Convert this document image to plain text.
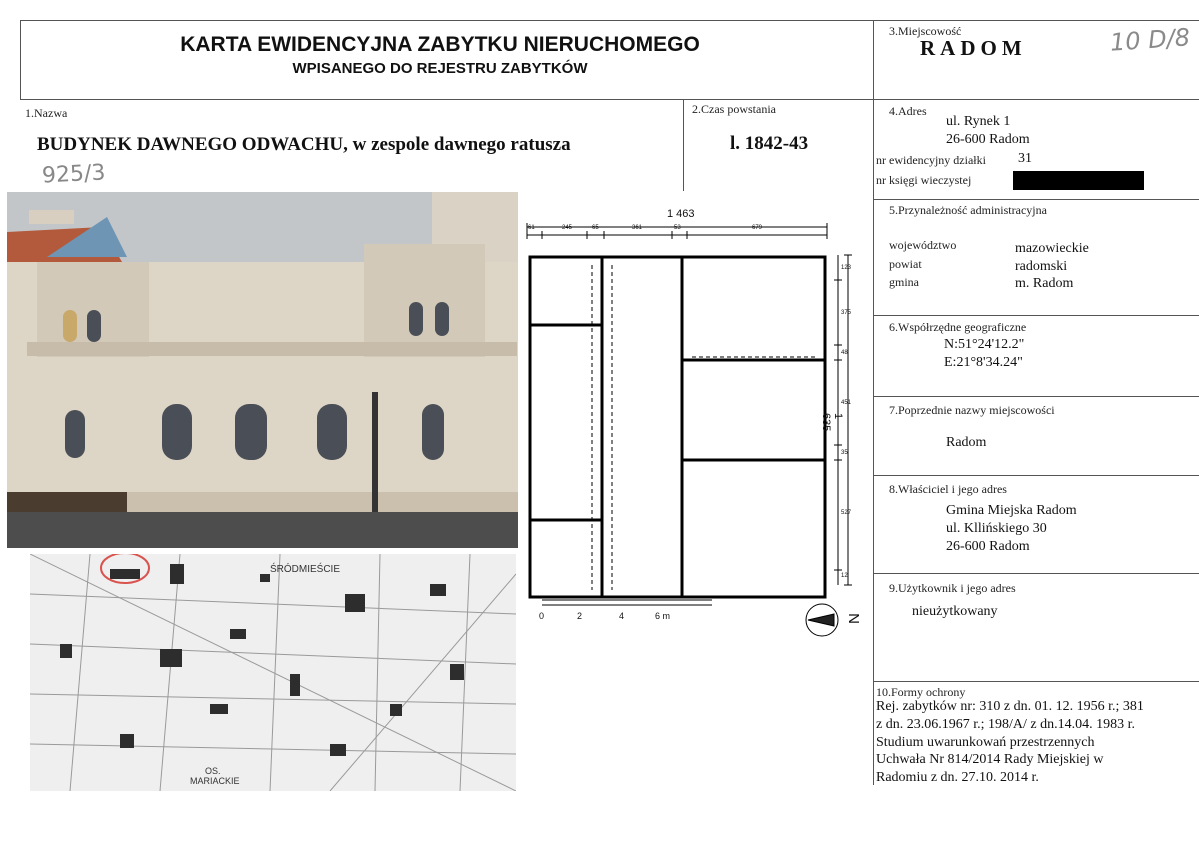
KARTA EWIDENCYJNA ZABYTKU NIERUCHOMEGO
WPISANEGO DO REJESTRU ZABYTKÓW
10 D/8
3.Miejscowość
RADOM
1.Nazwa
BUDYNEK DAWNEGO ODWACHU, w zespole dawnego ratusza
925/3
2.Czas powstania
l. 1842-43
4.Adres
ul. Rynek 1
26-600 Radom
nr ewidencyjny działki 31
nr księgi wieczystej
5.Przynależność administracyjna
województwo	mazowieckie
powiat	radomski
gmina	m. Radom
6.Współrzędne geograficzne
N:51°24'12.2"
E:21°8'34.24"
7.Poprzednie nazwy miejscowości
Radom
8.Właściciel i jego adres
Gmina Miejska Radom
ul. Kllińskiego 30
26-600 Radom
9.Użytkownik i jego adres
nieużytkowany
10.Formy ochrony
Rej. zabytków nr: 310 z dn. 01. 12. 1956 r.; 381
z dn. 23.06.1967 r.; 198/A/ z dn.14.04. 1983 r.
Studium uwarunkowań przestrzennych
Uchwała Nr 814/2014 Rady Miejskiej w
Radomiu z dn. 27.10. 2014 r.
ŚRÓDMIEŚCIE
OS.
MARIACKIE
1 463
1 635
61	245	65	361	53	679
123
375
48
451
35
527
12
0	2	4	6 m	N
